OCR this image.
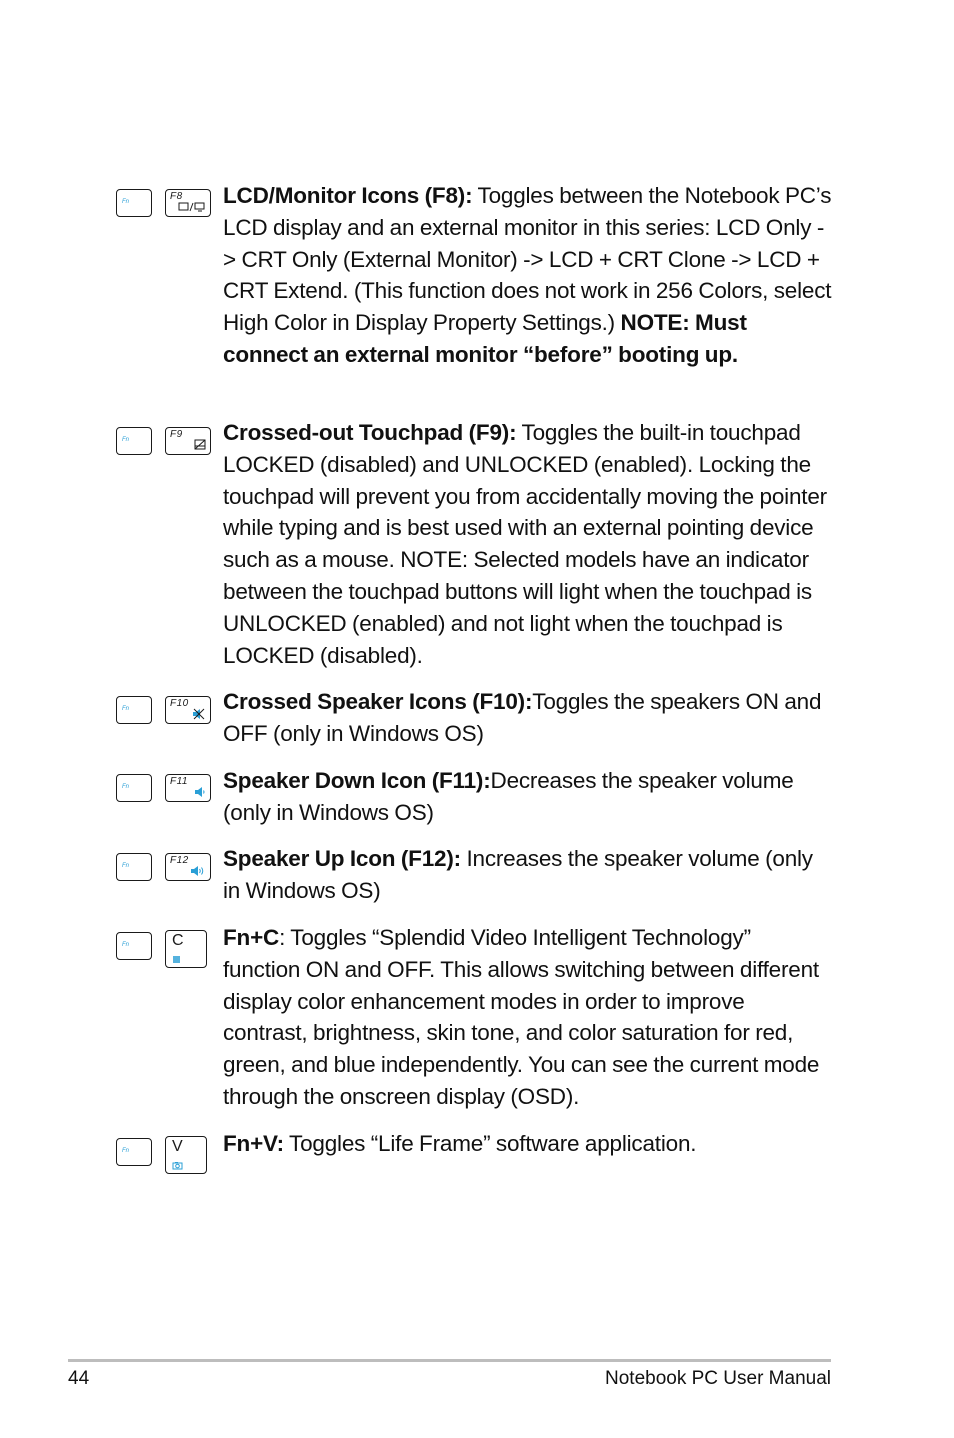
Fn	F8 LCD/Monitor Icons (F8): Toggles between the Notebook PC’s LCD display and an external monitor in this series: LCD Only -> CRT Only (External Monitor) -> LCD + CRT Clone -> LCD + CRT Extend. (This function does not work in 256 Colors, select High Color in Display Property Settings.) NOTE: Must connect an external monitor “before” booting up.
Fn	F9 Crossed-out Touchpad (F9): Toggles the built-in touchpad LOCKED (disabled) and UNLOCKED (enabled). Locking the touchpad will prevent you from accidentally moving the pointer while typing and is best used with an external pointing device such as a mouse. NOTE: Selected models have an indicator between the touchpad buttons will light when the touchpad is UNLOCKED (enabled) and not light when the touchpad is LOCKED (disabled).
Fn	F10 Crossed Speaker Icons (F10):Toggles the speakers ON and OFF (only in Windows OS)
Fn	F11 Speaker Down Icon (F11):Decreases the speaker volume (only in Windows OS)
Fn	F12 Speaker Up Icon (F12): Increases the speaker volume (only in Windows OS)
Fn	C Fn+C: Toggles “Splendid Video Intelligent Technology” function ON and OFF. This allows switching between different display color enhancement modes in order to improve contrast, brightness, skin tone, and color saturation for red, green, and blue independently. You can see the current mode through the onscreen display (OSD).
Fn	V Fn+V: Toggles “Life Frame” software application.
44	Notebook PC User Manual
